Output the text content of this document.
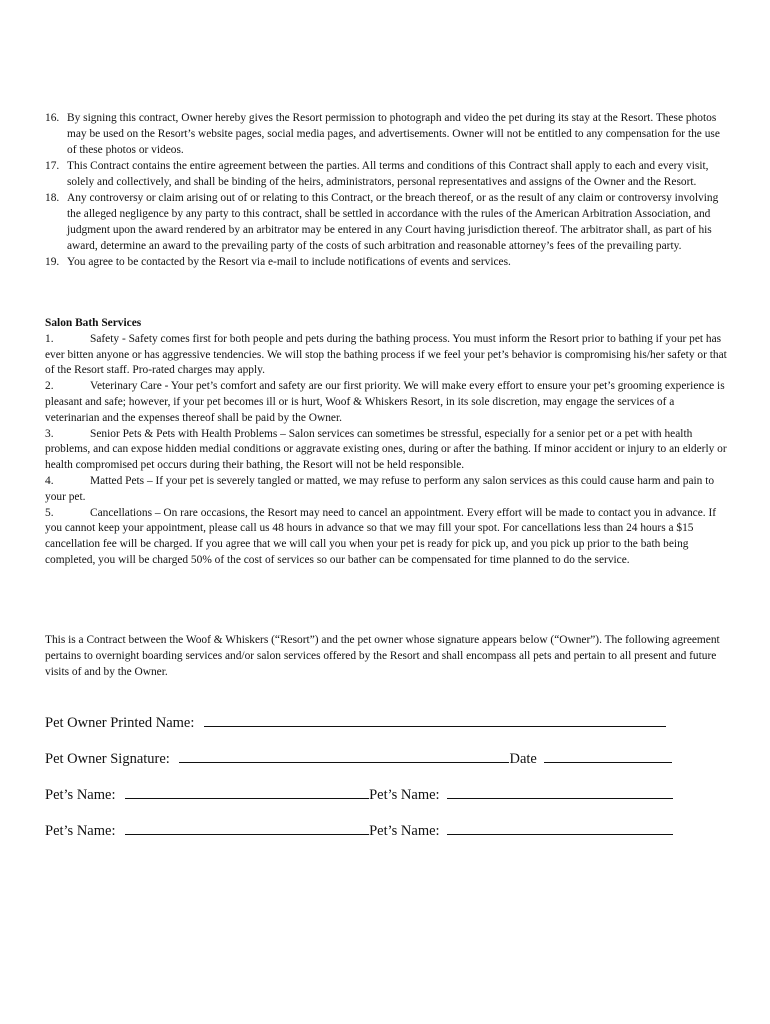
16. By signing this contract, Owner hereby gives the Resort permission to photograph and video the pet during its stay at the Resort. These photos may be used on the Resort’s website pages, social media pages, and advertisements. Owner will not be entitled to any compensation for the use of these photos or videos.
17. This Contract contains the entire agreement between the parties. All terms and conditions of this Contract shall apply to each and every visit, solely and collectively, and shall be binding of the heirs, administrators, personal representatives and assigns of the Owner and the Resort.
18. Any controversy or claim arising out of or relating to this Contract, or the breach thereof, or as the result of any claim or controversy involving the alleged negligence by any party to this contract, shall be settled in accordance with the rules of the American Arbitration Association, and judgment upon the award rendered by an arbitrator may be entered in any Court having jurisdiction thereof. The arbitrator shall, as part of his award, determine an award to the prevailing party of the costs of such arbitration and reasonable attorney’s fees of the prevailing party.
19. You agree to be contacted by the Resort via e-mail to include notifications of events and services.
Salon Bath Services
1.	Safety - Safety comes first for both people and pets during the bathing process. You must inform the Resort prior to bathing if your pet has ever bitten anyone or has aggressive tendencies. We will stop the bathing process if we feel your pet’s behavior is compromising his/her safety or that of the Resort staff. Pro-rated charges may apply.
2.	Veterinary Care - Your pet’s comfort and safety are our first priority. We will make every effort to ensure your pet’s grooming experience is pleasant and safe; however, if your pet becomes ill or is hurt, Woof & Whiskers Resort, in its sole discretion, may engage the services of a veterinarian and the expenses thereof shall be paid by the Owner.
3.	Senior Pets & Pets with Health Problems – Salon services can sometimes be stressful, especially for a senior pet or a pet with health problems, and can expose hidden medial conditions or aggravate existing ones, during or after the bathing. If minor accident or injury to an elderly or health compromised pet occurs during their bathing, the Resort will not be held responsible.
4.	Matted Pets – If your pet is severely tangled or matted, we may refuse to perform any salon services as this could cause harm and pain to your pet.
5.	Cancellations – On rare occasions, the Resort may need to cancel an appointment. Every effort will be made to contact you in advance. If you cannot keep your appointment, please call us 48 hours in advance so that we may fill your spot. For cancellations less than 24 hours a $15 cancellation fee will be charged. If you agree that we will call you when your pet is ready for pick up, and you pick up prior to the bath being completed, you will be charged 50% of the cost of services so our bather can be compensated for time planned to do the service.
This is a Contract between the Woof & Whiskers (“Resort”) and the pet owner whose signature appears below (“Owner”). The following agreement pertains to overnight boarding services and/or salon services offered by the Resort and shall encompass all pets and pertain to all present and future visits of and by the Owner.
Pet Owner Printed Name:
Pet Owner Signature:	Date
Pet’s Name:	Pet’s Name:
Pet’s Name:	Pet’s Name:
